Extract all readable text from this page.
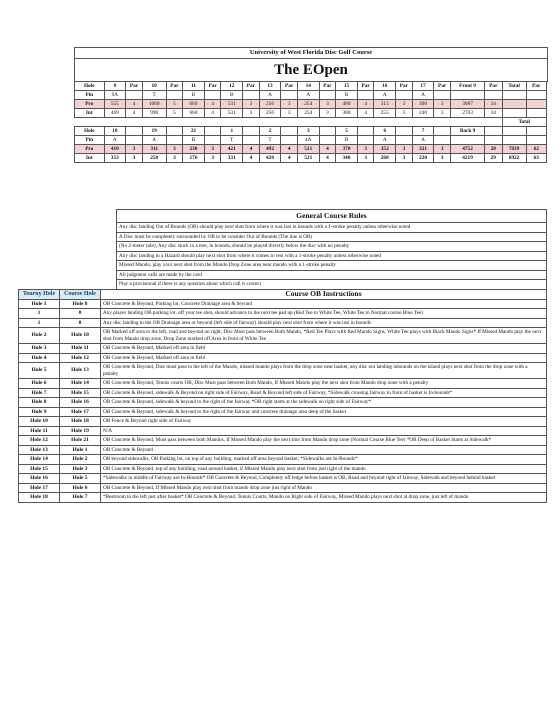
University of West Florida Disc Golf Course
The EOpen
Hole	8	Par	10	Par	11	Par	12	Par	13	Par	14	Par	15	Par	16	Par	17	Par	Front 9	Par	Total	Par
Pin	9A		T		B		B		A		A		B		A		A					
Pro	555	4	1060	5	660	4	531	3	256	3	254	3	480	4	315	3	300	3	3087	34		
Int	469	4	990	5	660	4	531	3	256	3	254	3	380	4	255	3	240	3	2703	34		
																					Total	
Hole	18		19		21		1		2		3		5		6		7		Back 9			
Pin	A		A		B		T		T		4A		B		A		A					
Pro	410	3	311	3	230	3	421	4	492	4	521	4	370	3	352	3	321	3	4752	28	7839	62
Int	353	3	258	3	176	3	331	4	420	4	521	4	340	3	268	3	220	3	4219	29	6922	63
General Course Rules
Any disc landing Out of Bounds (OB) should play next shot from where it was last in bounds with a 1-stroke penalty unless otherwise noted
A Disc must be completely surrounded by OB to be consider Out of Bounds (The line is OB)
(No 2-meter rule), Any disc stuck in a tree, in bounds, should be played directly below the disc with no penalty
Any disc landing in a Hazard should play next shot from where it comes to rest with a 1-stroke penalty unless otherwise noted
Missed Mando, play your next shot from the Mando Drop Zone area near mando with a 1-stroke penalty
All judgment calls are made by the card
Play a provisional if there is any question about which call is correct
Tourny Hole	Course Hole	Course OB Instructions
Hole 1	Hole 8	OB Concrete & Beyond, Parking lot, Concrete Drainage area & beyond
1	8	Any player landing OB parking lot, off your tee shot, should advance to the next tee pad up (Red Tee to White Tee, White Tee to Normal course Blue Tee)
1	8	Any disc landing in the OB Drainage area or beyond (left side of fairway) should play next shot from where it was last in bounds
Hole 2	Hole 10	OB Marked off area to the left, road and beyond on right, Disc Must pass between Both Mando, *Red Tee Plays with Red Mando Signs, White Tee plays with Black Mando Signs* If Missed Mando play the next shot from Mando drop zone, Drop Zone marked off Area in front of White Tee
Hole 3	Hole 11	OB Concrete & Beyond, Marked off area in field
Hole 4	Hole 12	OB Concrete & Beyond, Marked off area in field
Hole 5	Hole 13	OB Concrete & Beyond, Disc must pass to the left of the Mando, missed mando plays from the drop zone near basket, any disc not landing inbounds on the island plays next shot from the drop zone with a penalty
Hole 6	Hole 14	OB Concrete & Beyond, Tennis courts OB, Disc Must pass between Both Mando, If Missed Mando play the next shot from Mando drop zone with a penalty
Hole 7	Hole 15	OB Concrete & Beyond, sidewalk & Beyond on right side of Fairway, Road & Beyond left side of Fairway, *Sidewalk crossing fairway in front of basket is In-bounds*
Hole 8	Hole 16	OB Concrete & Beyond, sidewalk & beyond to the right of the fairway *OB right starts at the sidewalk on right side of Fairway*
Hole 9	Hole 17	OB Concrete & Beyond, sidewalk & beyond to the right of the fairway and concrete drainage area deep of the basket
Hole 10	Hole 18	OB Fence & Beyond right side of Fairway
Hole 11	Hole 19	N/A
Hole 12	Hole 21	OB Concrete & Beyond, Must pass between both Mandos, If Missed Mando play the next shot from Mando drop zone (Normal Course Blue Tee) *OB Deep of Basket Starts at Sidewalk*
Hole 13	Hole 1	OB Concrete & Beyond
Hole 14	Hole 2	OB beyond sidewalks, OB Parking lot, on top of any building, marked off area beyond basket, *Sidewalks are In-Bounds*
Hole 15	Hole 3	OB Concrete & Beyond, top of any building, road around basket, if Missed Mando play next shot from just right of the mando
Hole 16	Hole 5	*Sidewalks in middle of Fairway are In-Bounds* OB Concrete & Beyond, Completely off ledge before basket is OB, Road and beyond right of fairway, Sidewalk and beyond behind basket
Hole 17	Hole 6	OB Concrete & Beyond, If Missed Mando play next shot from mando drop zone just right of Mando
Hole 18	Hole 7	*Restroom to the left just after basket* OB Concrete & Beyond, Tennis Courts, Mando on Right side of Fairway, Missed Mando plays next shot at drop zone, just left of mando
